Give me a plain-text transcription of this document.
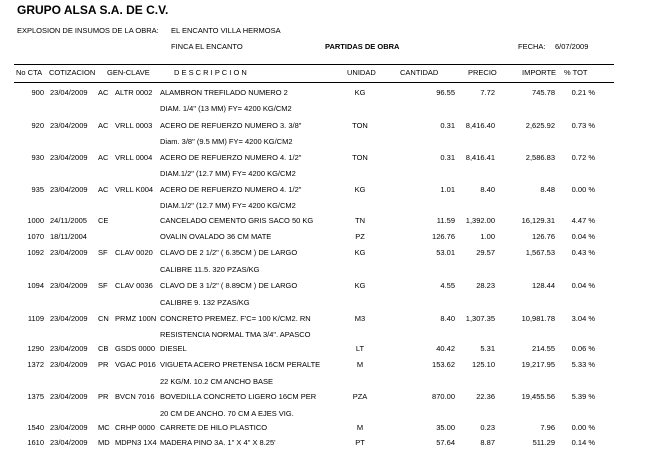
GRUPO ALSA S.A. DE C.V.
EXPLOSION DE INSUMOS DE LA OBRA: EL ENCANTO VILLA HERMOSA
FINCA EL ENCANTO	PARTIDAS DE OBRA	FECHA: 6/07/2009
No CTA COTIZACION GEN-CLAVE	D E S C R I P C I O N	UNIDAD	CANTIDAD	PRECIO	IMPORTE % TOT
900 23/04/2009	AC ALTR 0002	ALAMBRON TREFILADO NUMERO 2	KG	96.55	7.72	745.78	0.21 %
DIAM. 1/4" (13 MM) FY= 4200 KG/CM2
920 23/04/2009	AC VRLL 0003	ACERO DE REFUERZO NUMERO 3. 3/8"	TON	0.31	8,416.40	2,625.92	0.73 %
Diam. 3/8" (9.5 MM) FY= 4200 KG/CM2
930 23/04/2009	AC VRLL 0004	ACERO DE REFUERZO NUMERO 4. 1/2"	TON	0.31	8,416.41	2,586.83	0.72 %
DIAM.1/2" (12.7 MM) FY= 4200 KG/CM2
935 23/04/2009	AC VRLL K004 ACERO DE REFUERZO NUMERO 4. 1/2"	KG	1.01	8.40	8.48	0.00 %
DIAM.1/2" (12.7 MM) FY= 4200 KG/CM2
1000 24/11/2005	CE	CANCELADO CEMENTO GRIS SACO 50 KG	TN	11.59	1,392.00	16,129.31	4.47 %
1070 18/11/2004	OVALIN OVALADO 36 CM MATE	PZ	126.76	1.00	126.76	0.04 %
1092 23/04/2009	SF CLAV 0020 CLAVO DE 2 1/2" ( 6.35CM ) DE LARGO	KG	53.01	29.57	1,567.53	0.43 %
CALIBRE 11.5. 320 PZAS/KG
1094 23/04/2009	SF CLAV 0036 CLAVO DE 3 1/2" ( 8.89CM ) DE LARGO	KG	4.55	28.23	128.44	0.04 %
CALIBRE 9. 132 PZAS/KG
1109 23/04/2009	CN PRMZ 100N CONCRETO PREMEZ. F'C= 100 K/CM2. RN	M3	8.40	1,307.35	10,981.78	3.04 %
RESISTENCIA NORMAL TMA 3/4". APASCO
1290 23/04/2009	CB GSDS 0000 DIESEL	LT	40.42	5.31	214.55	0.06 %
1372 23/04/2009	PR VGAC P016 VIGUETA ACERO PRETENSA 16CM PERALTE	M	153.62	125.10	19,217.95	5.33 %
22 KG/M. 10.2 CM ANCHO BASE
1375 23/04/2009	PR BVCN 7016 BOVEDILLA CONCRETO LIGERO 16CM PER	PZA	870.00	22.36	19,455.56	5.39 %
20 CM DE ANCHO. 70 CM A EJES VIG.
1540 23/04/2009	MC CRHP 0000 CARRETE DE HILO PLASTICO	M	35.00	0.23	7.96	0.00 %
1610 23/04/2009	MD MDPN3 1X4 MADERA PINO 3A. 1" X 4" X 8.25'	PT	57.64	8.87	511.29	0.14 %
